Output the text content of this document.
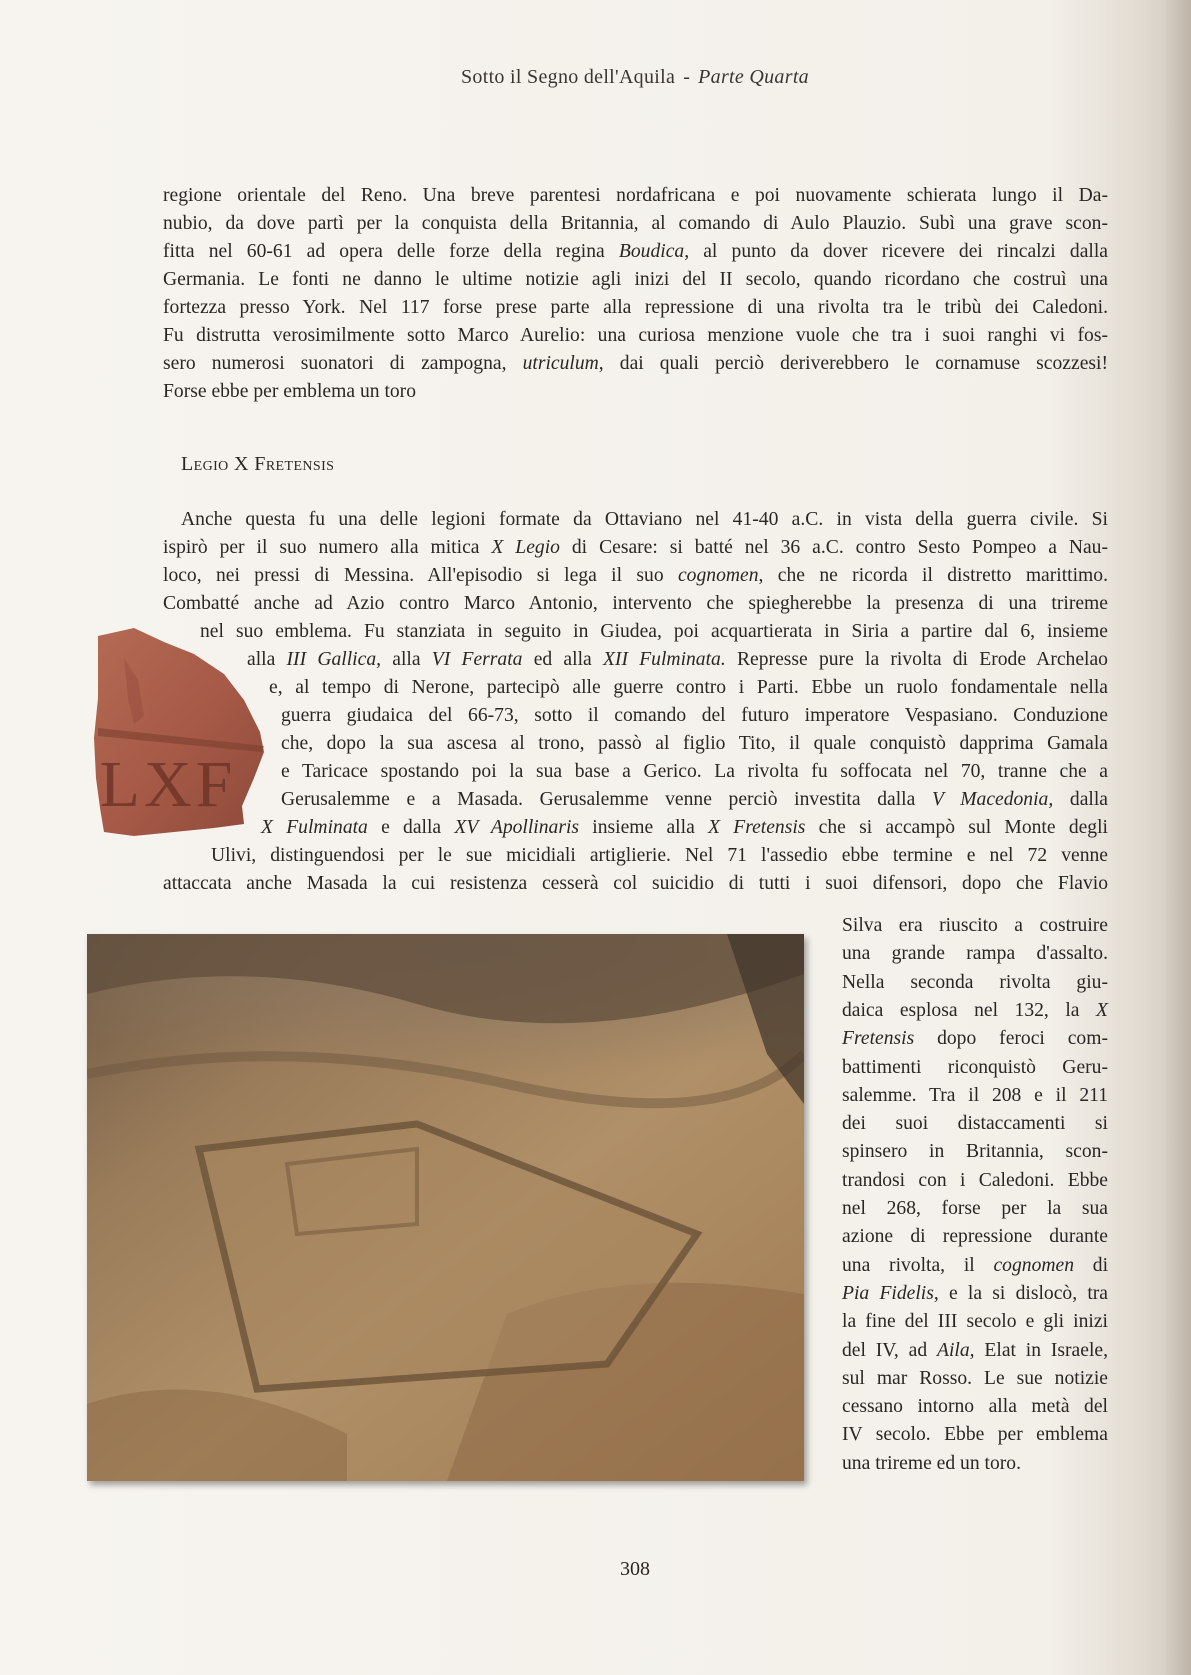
Sotto il Segno dell'Aquila - Parte Quarta
regione orientale del Reno. Una breve parentesi nordafricana e poi nuovamente schierata lungo il Da-
nubio, da dove partì per la conquista della Britannia, al comando di Aulo Plauzio. Subì una grave scon-
fitta nel 60-61 ad opera delle forze della regina Boudica, al punto da dover ricevere dei rincalzi dalla
Germania. Le fonti ne danno le ultime notizie agli inizi del II secolo, quando ricordano che costruì una
fortezza presso York. Nel 117 forse prese parte alla repressione di una rivolta tra le tribù dei Caledoni.
Fu distrutta verosimilmente sotto Marco Aurelio: una curiosa menzione vuole che tra i suoi ranghi vi fos-
sero numerosi suonatori di zampogna, utriculum, dai quali perciò deriverebbero le cornamuse scozzesi!
Forse ebbe per emblema un toro
Legio X Fretensis
Anche questa fu una delle legioni formate da Ottaviano nel 41-40 a.C. in vista della guerra civile. Si
ispirò per il suo numero alla mitica X Legio di Cesare: si batté nel 36 a.C. contro Sesto Pompeo a Nau-
loco, nei pressi di Messina. All'episodio si lega il suo cognomen, che ne ricorda il distretto marittimo.
Combatté anche ad Azio contro Marco Antonio, intervento che spiegherebbe la presenza di una trireme
nel suo emblema. Fu stanziata in seguito in Giudea, poi acquartierata in Siria a partire dal 6, insieme
alla III Gallica, alla VI Ferrata ed alla XII Fulminata. Represse pure la rivolta di Erode Archelao
e, al tempo di Nerone, partecipò alle guerre contro i Parti. Ebbe un ruolo fondamentale nella
guerra giudaica del 66-73, sotto il comando del futuro imperatore Vespasiano. Conduzione
che, dopo la sua ascesa al trono, passò al figlio Tito, il quale conquistò dapprima Gamala
e Taricace spostando poi la sua base a Gerico. La rivolta fu soffocata nel 70, tranne che a
Gerusalemme e a Masada. Gerusalemme venne perciò investita dalla V Macedonia, dalla
X Fulminata e dalla XV Apollinaris insieme alla X Fretensis che si accampò sul Monte degli
Ulivi, distinguendosi per le sue micidiali artiglierie. Nel 71 l'assedio ebbe termine e nel 72 venne
attaccata anche Masada la cui resistenza cesserà col suicidio di tutti i suoi difensori, dopo che Flavio
Silva era riuscito a costruire
una grande rampa d'assalto.
Nella seconda rivolta giu-
daica esplosa nel 132, la X
Fretensis dopo feroci com-
battimenti riconquistò Geru-
salemme. Tra il 208 e il 211
dei suoi distaccamenti si
spinsero in Britannia, scon-
trandosi con i Caledoni. Ebbe
nel 268, forse per la sua
azione di repressione durante
una rivolta, il cognomen di
Pia Fidelis, e la si dislocò, tra
la fine del III secolo e gli inizi
del IV, ad Aila, Elat in Israele,
sul mar Rosso. Le sue notizie
cessano intorno alla metà del
IV secolo. Ebbe per emblema
una trireme ed un toro.
LXF
308
